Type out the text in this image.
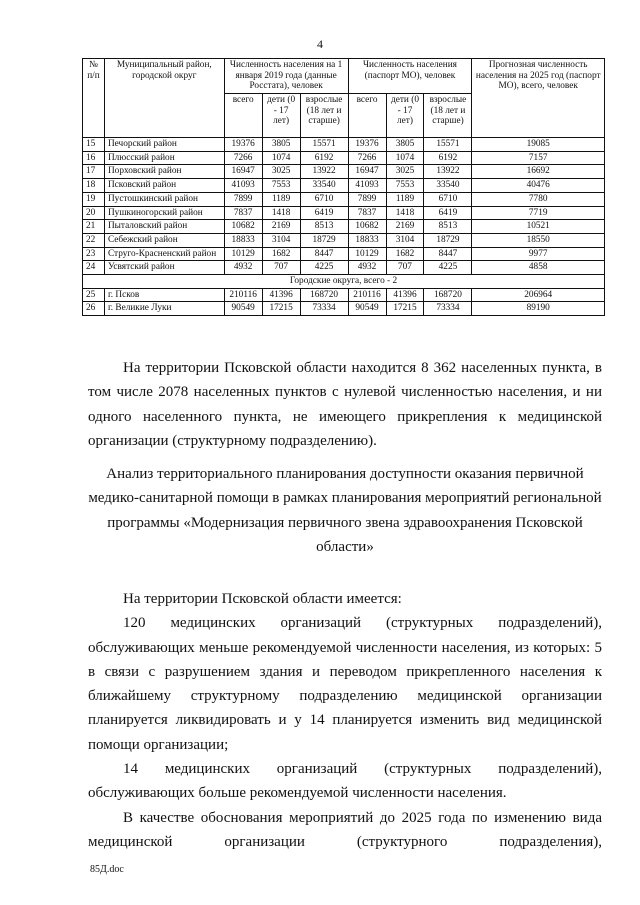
4
№ п/п	Муниципальный район, городской округ	Численность населения на 1 января 2019 года (данные Росстата), человек			Численность населения (паспорт МО), человек			Прогнозная численность населения на 2025 год (паспорт МО), всего, человек
		всего	дети (0 - 17 лет)	взрослые (18 лет и старше)	всего	дети (0 - 17 лет)	взрослые (18 лет и старше)	
15	Печорский район	19376	3805	15571	19376	3805	15571	19085
16	Плюсский район	7266	1074	6192	7266	1074	6192	7157
17	Порховский район	16947	3025	13922	16947	3025	13922	16692
18	Псковский район	41093	7553	33540	41093	7553	33540	40476
19	Пустошкинский район	7899	1189	6710	7899	1189	6710	7780
20	Пушкиногорский район	7837	1418	6419	7837	1418	6419	7719
21	Пыталовский район	10682	2169	8513	10682	2169	8513	10521
22	Себежский район	18833	3104	18729	18833	3104	18729	18550
23	Струго-Красненский район	10129	1682	8447	10129	1682	8447	9977
24	Усвятский район	4932	707	4225	4932	707	4225	4858
Городские округа, всего - 2								
25	г. Псков	210116	41396	168720	210116	41396	168720	206964
26	г. Великие Луки	90549	17215	73334	90549	17215	73334	89190
На территории Псковской области находится 8 362 населенных пункта, в том числе 2078 населенных пунктов с нулевой численностью населения, и ни одного населенного пункта, не имеющего прикрепления к медицинской организации (структурному подразделению).
Анализ территориального планирования доступности оказания первичной медико-санитарной помощи в рамках планирования мероприятий региональной программы «Модернизация первичного звена здравоохранения Псковской области»

На территории Псковской области имеется:

120 медицинских организаций (структурных подразделений), обслуживающих меньше рекомендуемой численности населения, из которых: 5 в связи с разрушением здания и переводом прикрепленного населения к ближайшему структурному подразделению медицинской организации планируется ликвидировать и у 14 планируется изменить вид медицинской помощи организации;

14 медицинских организаций (структурных подразделений), обслуживающих больше рекомендуемой численности населения.

В качестве обоснования мероприятий до 2025 года по изменению вида медицинской организации (структурного подразделения),

85Д.doc
